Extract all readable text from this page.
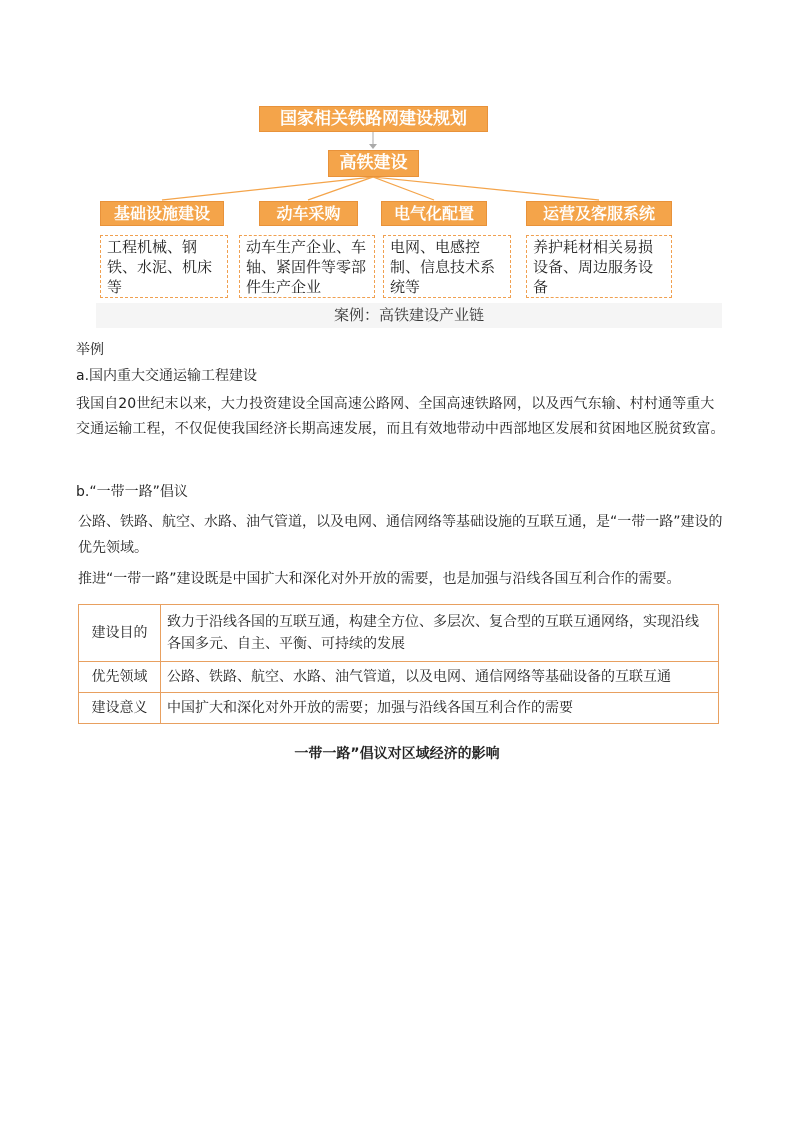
国家相关铁路网建设规划
高铁建设
基础设施建设	动车采购	电气化配置	运营及客服系统
工程机械、钢铁、水泥、机床等
动车生产企业、车轴、紧固件等零部件生产企业
电网、电感控制、信息技术系统等
养护耗材相关易损设备、周边服务设备
案例：高铁建设产业链
举例
a.国内重大交通运输工程建设
我国自20世纪末以来，大力投资建设全国高速公路网、全国高速铁路网，以及西气东输、村村通等重大交通运输工程，不仅促使我国经济长期高速发展，而且有效地带动中西部地区发展和贫困地区脱贫致富。
b.“一带一路”倡议
公路、铁路、航空、水路、油气管道，以及电网、通信网络等基础设施的互联互通，是“一带一路”建设的优先领域。
推进“一带一路”建设既是中国扩大和深化对外开放的需要，也是加强与沿线各国互利合作的需要。
建设目的	致力于沿线各国的互联互通，构建全方位、多层次、复合型的互联互通网络，实现沿线各国多元、自主、平衡、可持续的发展
优先领域	公路、铁路、航空、水路、油气管道，以及电网、通信网络等基础设备的互联互通
建设意义	中国扩大和深化对外开放的需要；加强与沿线各国互利合作的需要
一带一路”倡议对区域经济的影响
